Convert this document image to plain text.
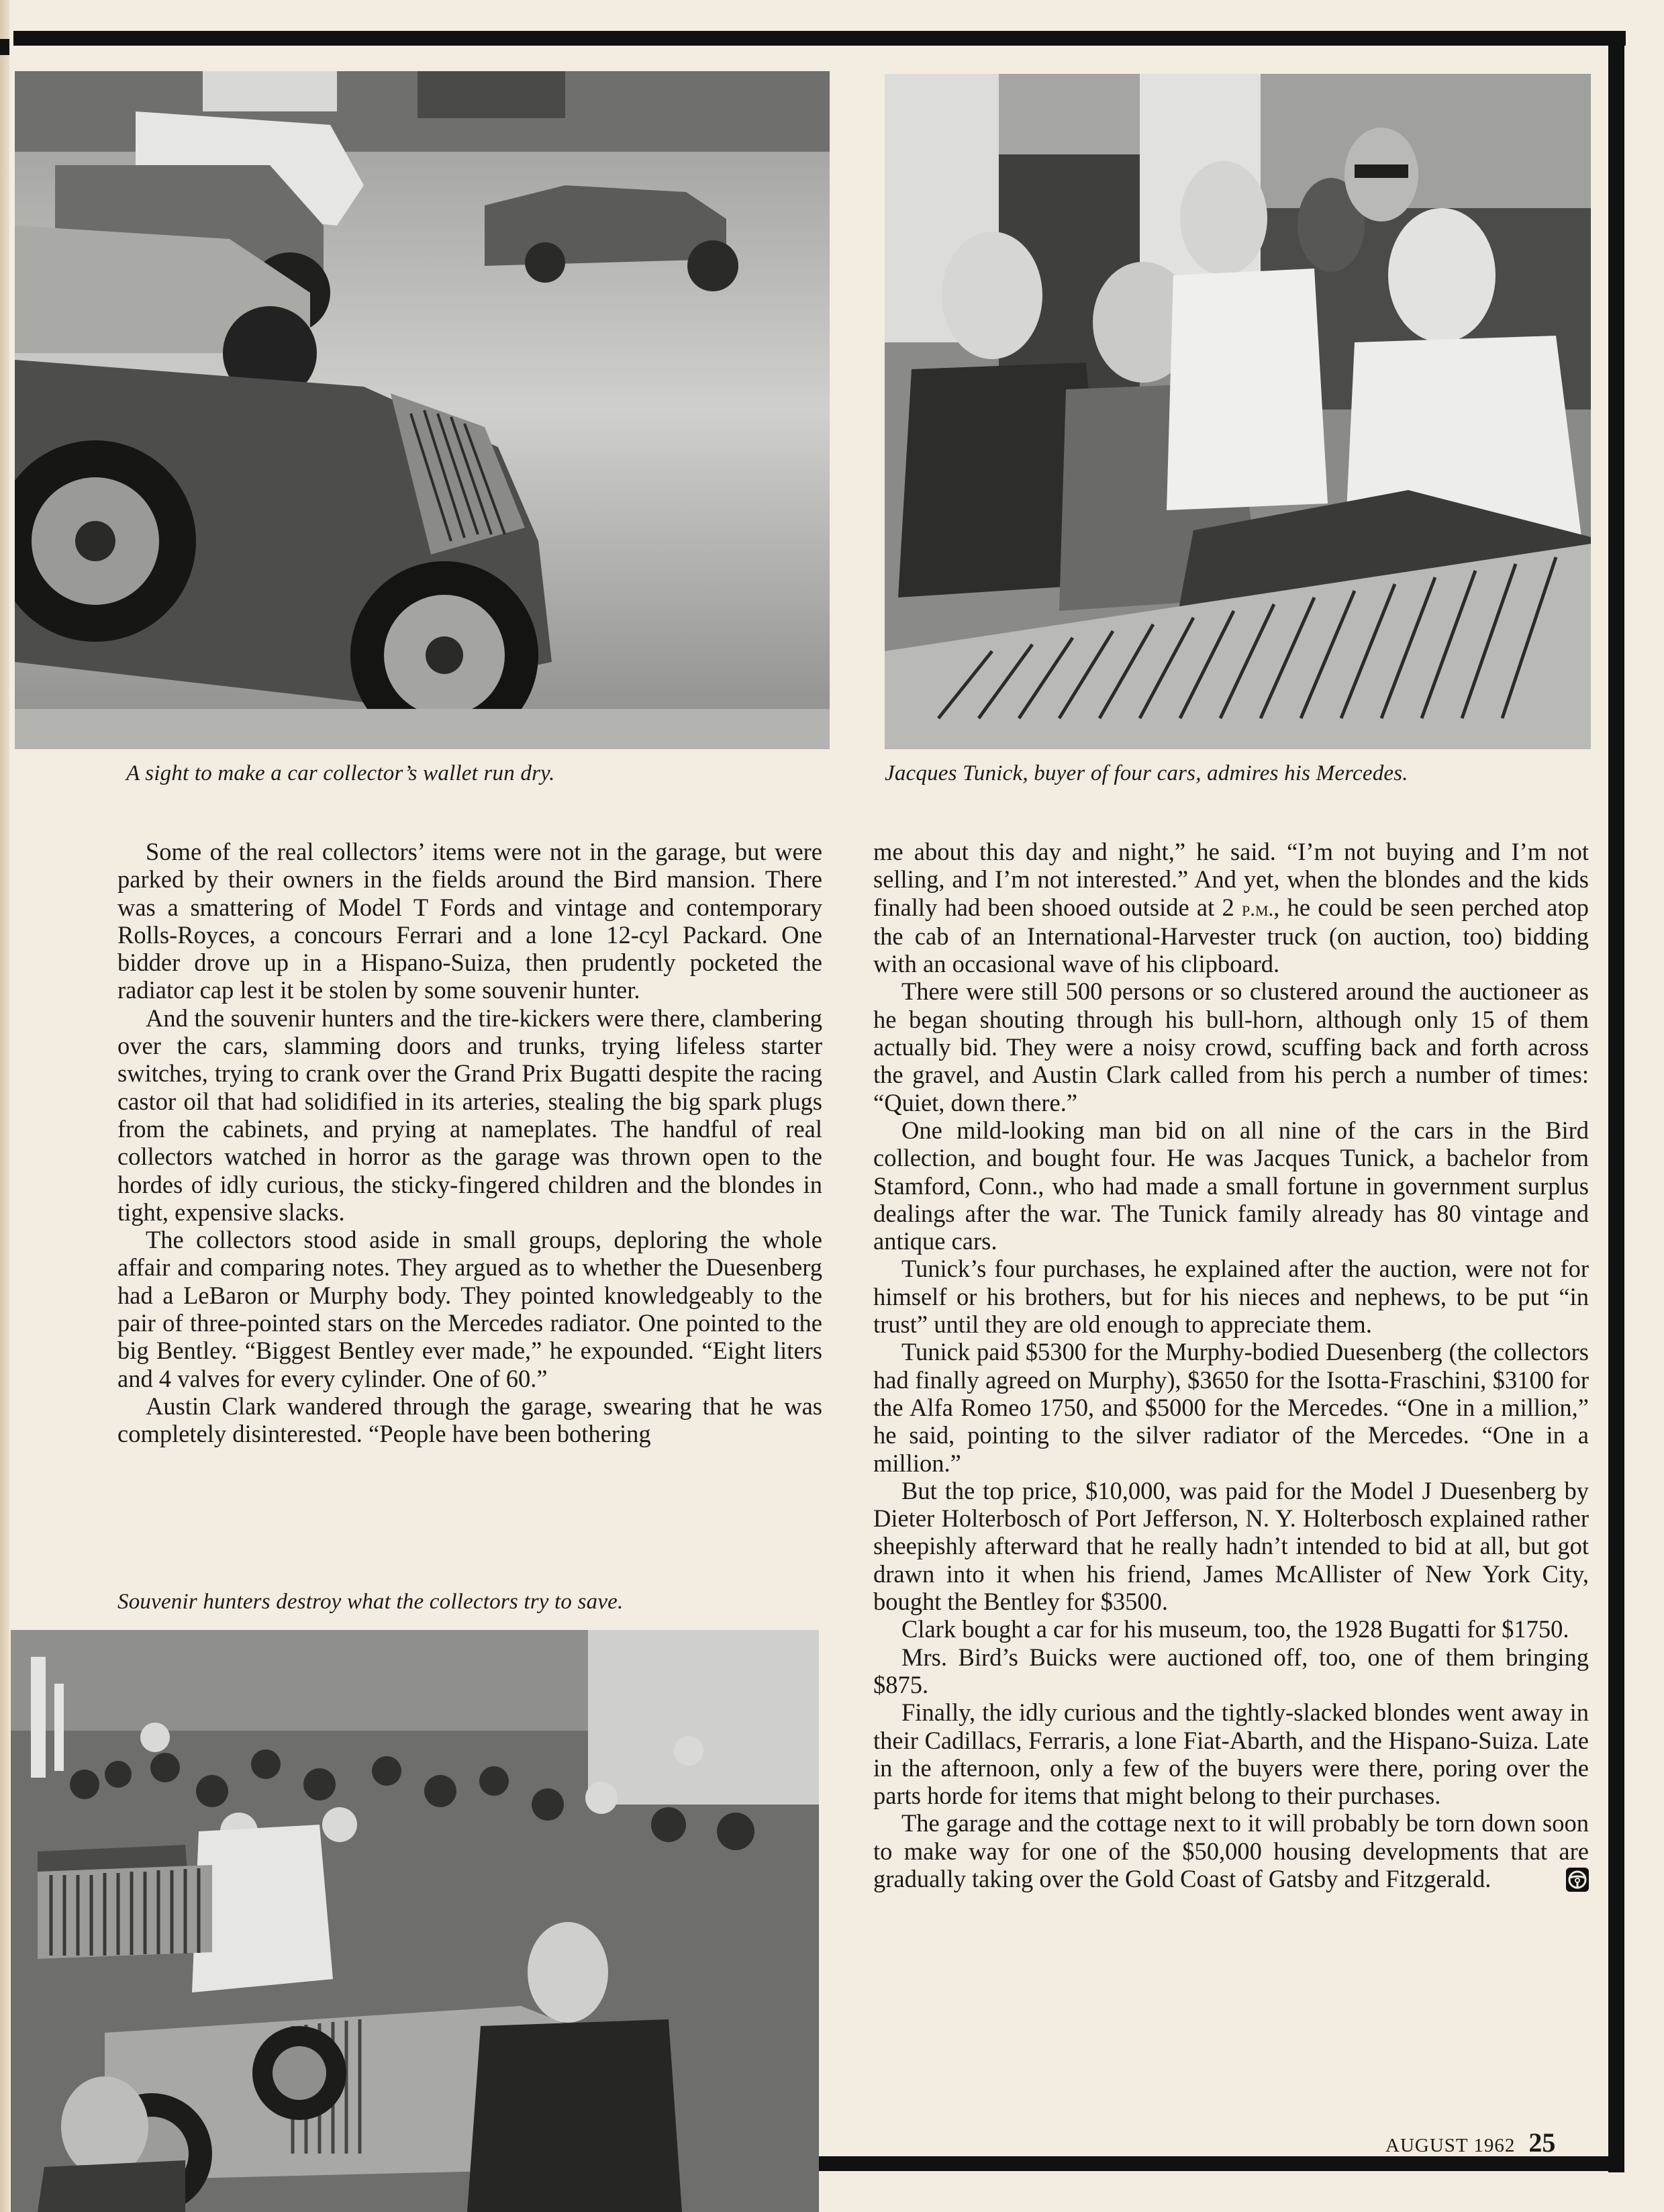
A sight to make a car collector’s wallet run dry.	Jacques Tunick, buyer of four cars, admires his Mercedes.

Some of the real collectors’ items were not in the garage, but were parked by their owners in the fields around the Bird mansion. There was a smattering of Model T Fords and vintage and contemporary Rolls-Royces, a concours Ferrari and a lone 12-cyl Packard. One bidder drove up in a Hispano-Suiza, then prudently pocketed the radiator cap lest it be stolen by some souvenir hunter.

And the souvenir hunters and the tire-kickers were there, clambering over the cars, slamming doors and trunks, trying lifeless starter switches, trying to crank over the Grand Prix Bugatti despite the racing castor oil that had solidified in its arteries, stealing the big spark plugs from the cabinets, and prying at nameplates. The handful of real collectors watched in horror as the garage was thrown open to the hordes of idly curious, the sticky-fingered children and the blondes in tight, expensive slacks.

The collectors stood aside in small groups, deploring the whole affair and comparing notes. They argued as to whether the Duesenberg had a LeBaron or Murphy body. They pointed knowledgeably to the pair of three-pointed stars on the Mercedes radiator. One pointed to the big Bentley. “Biggest Bentley ever made,” he expounded. “Eight liters and 4 valves for every cylinder. One of 60.”

Austin Clark wandered through the garage, swearing that he was completely disinterested. “People have been bothering

Souvenir hunters destroy what the collectors try to save.

me about this day and night,” he said. “I’m not buying and I’m not selling, and I’m not interested.” And yet, when the blondes and the kids finally had been shooed outside at 2 p.m., he could be seen perched atop the cab of an International-Harvester truck (on auction, too) bidding with an occasional wave of his clipboard.

There were still 500 persons or so clustered around the auctioneer as he began shouting through his bull-horn, although only 15 of them actually bid. They were a noisy crowd, scuffing back and forth across the gravel, and Austin Clark called from his perch a number of times: “Quiet, down there.”

One mild-looking man bid on all nine of the cars in the Bird collection, and bought four. He was Jacques Tunick, a bachelor from Stamford, Conn., who had made a small fortune in government surplus dealings after the war. The Tunick family already has 80 vintage and antique cars.

Tunick’s four purchases, he explained after the auction, were not for himself or his brothers, but for his nieces and nephews, to be put “in trust” until they are old enough to appreciate them.

Tunick paid $5300 for the Murphy-bodied Duesenberg (the collectors had finally agreed on Murphy), $3650 for the Isotta-Fraschini, $3100 for the Alfa Romeo 1750, and $5000 for the Mercedes. “One in a million,” he said, pointing to the silver radiator of the Mercedes. “One in a million.”

But the top price, $10,000, was paid for the Model J Duesenberg by Dieter Holterbosch of Port Jefferson, N. Y. Holterbosch explained rather sheepishly afterward that he really hadn’t intended to bid at all, but got drawn into it when his friend, James McAllister of New York City, bought the Bentley for $3500.

Clark bought a car for his museum, too, the 1928 Bugatti for $1750.

Mrs. Bird’s Buicks were auctioned off, too, one of them bringing $875.

Finally, the idly curious and the tightly-slacked blondes went away in their Cadillacs, Ferraris, a lone Fiat-Abarth, and the Hispano-Suiza. Late in the afternoon, only a few of the buyers were there, poring over the parts horde for items that might belong to their purchases.

The garage and the cottage next to it will probably be torn down soon to make way for one of the $50,000 housing developments that are gradually taking over the Gold Coast of Gatsby and Fitzgerald.

AUGUST 1962 25
